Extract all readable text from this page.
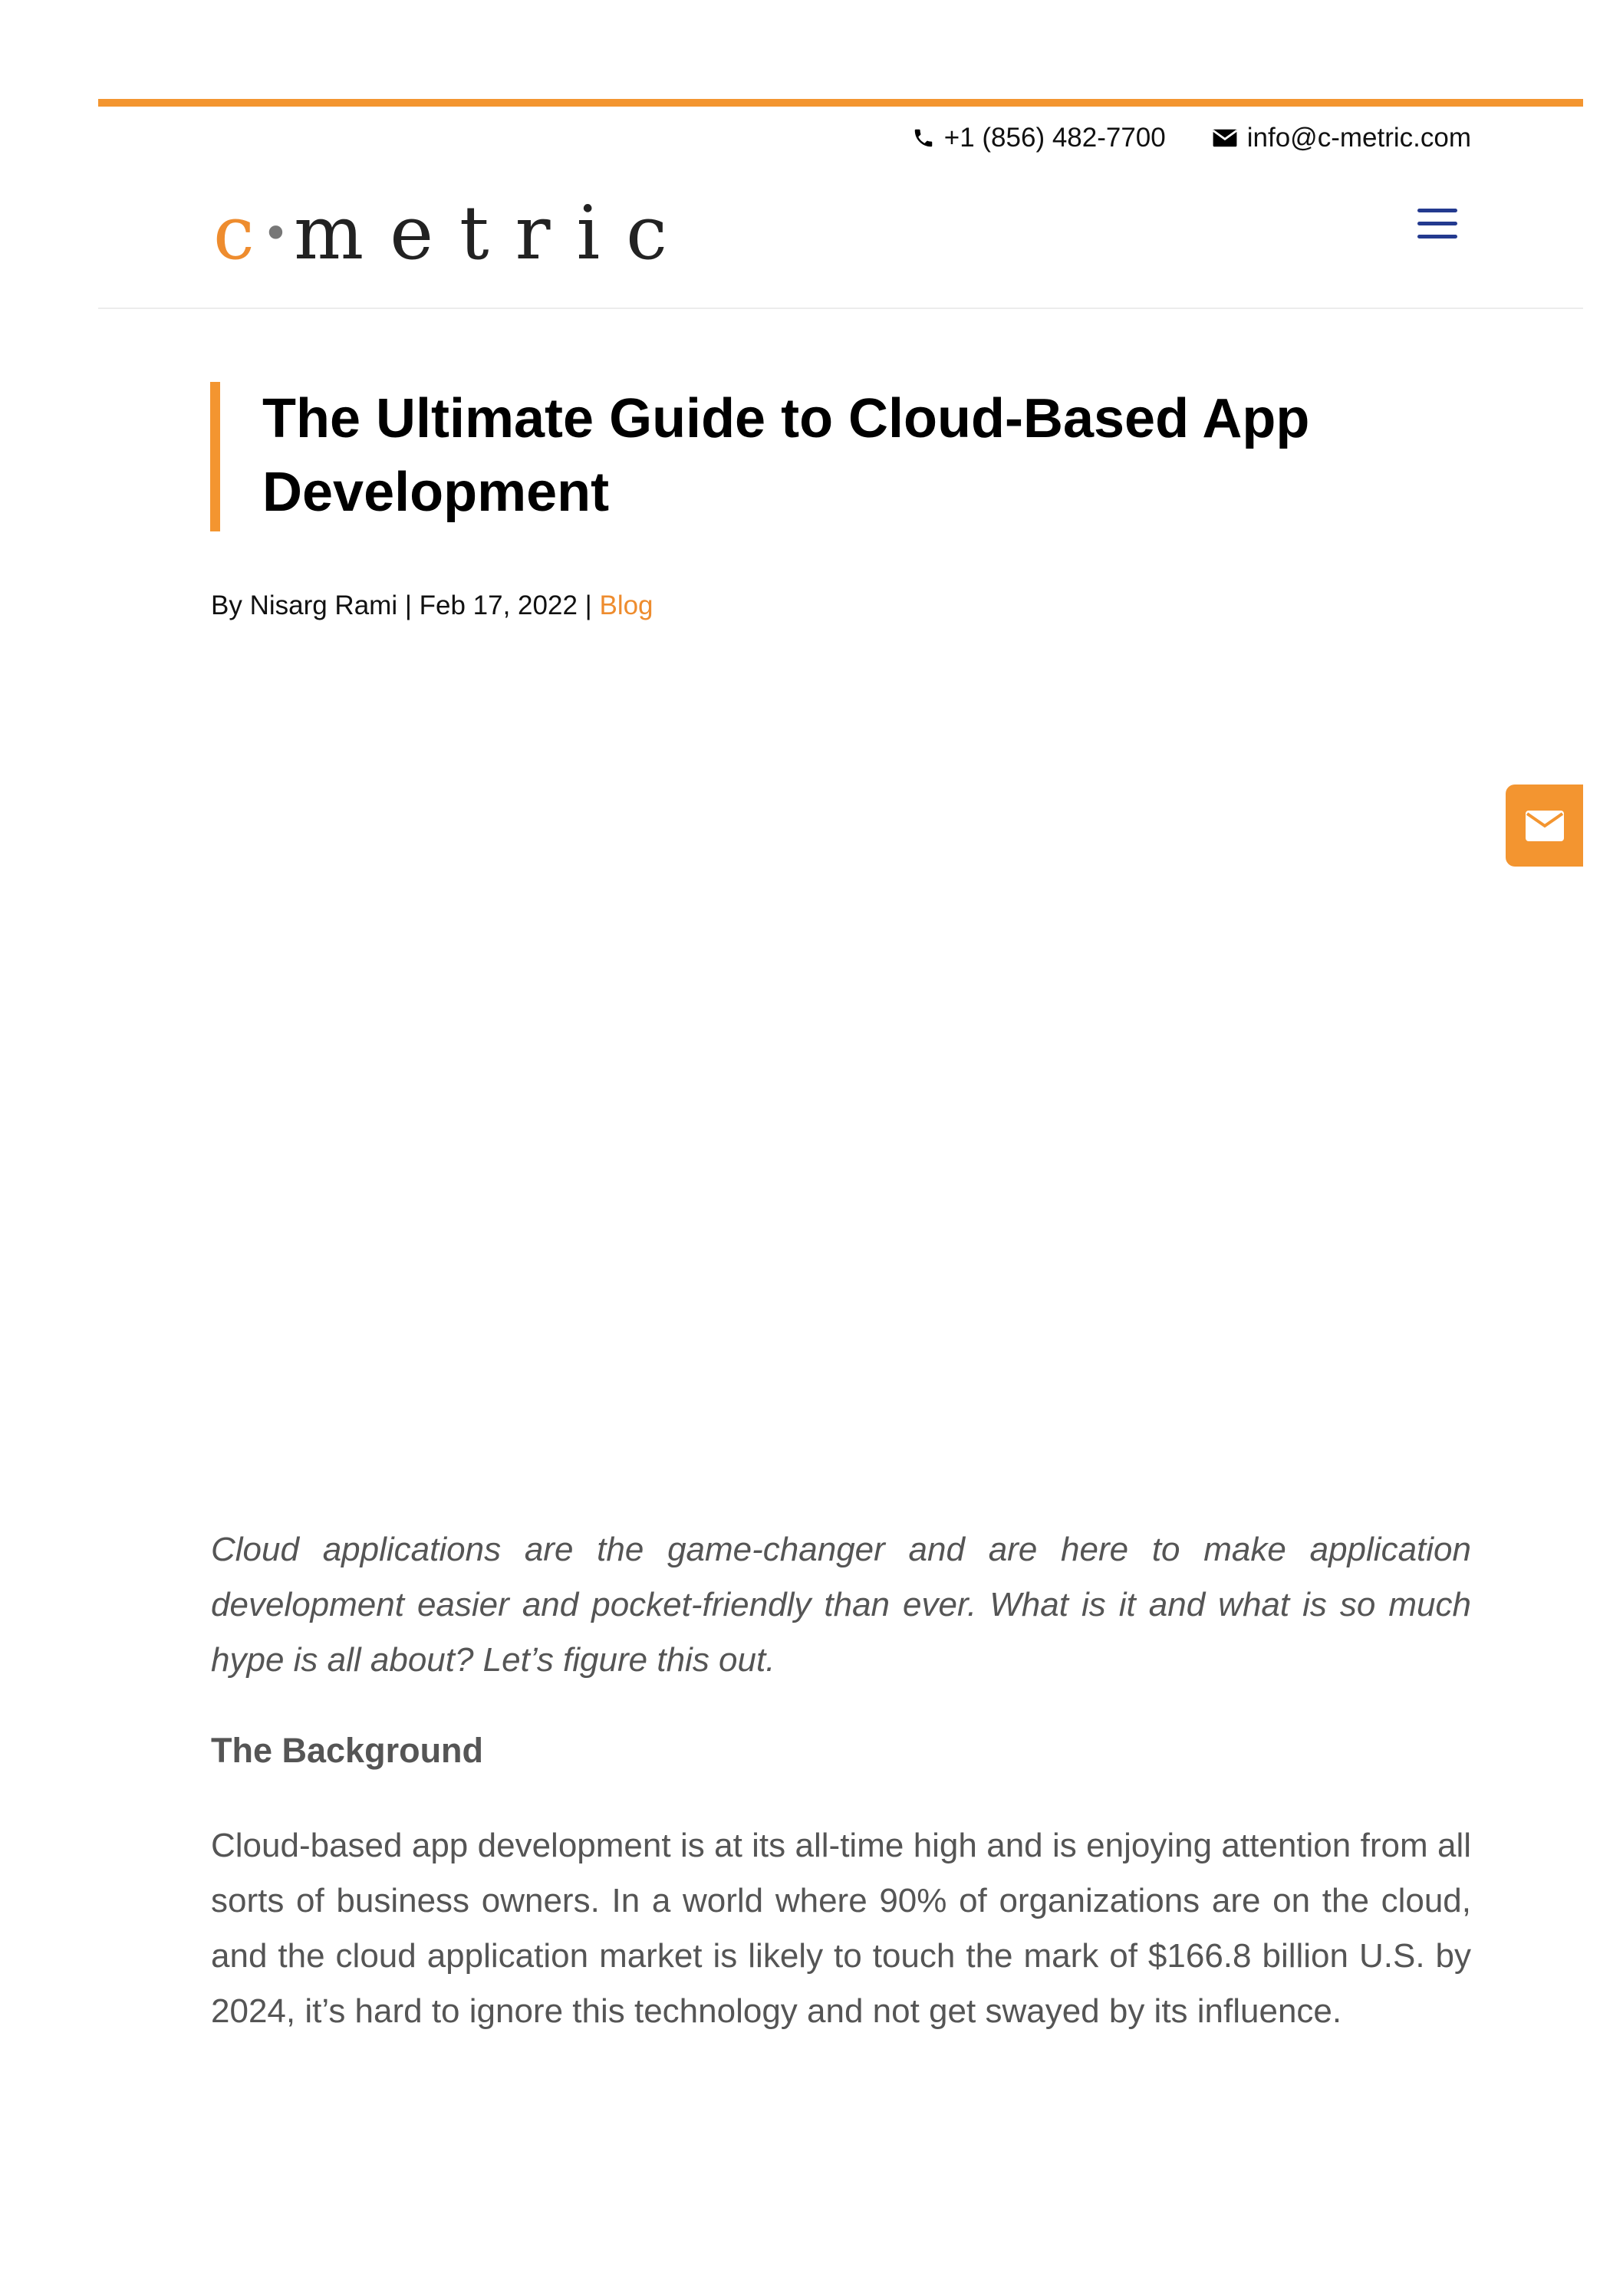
+1 (856) 482-7700	info@c-metric.com
c • metric
The Ultimate Guide to Cloud-Based App Development
By Nisarg Rami | Feb 17, 2022 | Blog

Cloud applications are the game-changer and are here to make application development easier and pocket-friendly than ever. What is it and what is so much hype is all about? Let’s figure this out.

The Background

Cloud-based app development is at its all-time high and is enjoying attention from all sorts of business owners. In a world where 90% of organizations are on the cloud, and the cloud application market is likely to touch the mark of $166.8 billion U.S. by 2024, it’s hard to ignore this technology and not get swayed by its influence.
